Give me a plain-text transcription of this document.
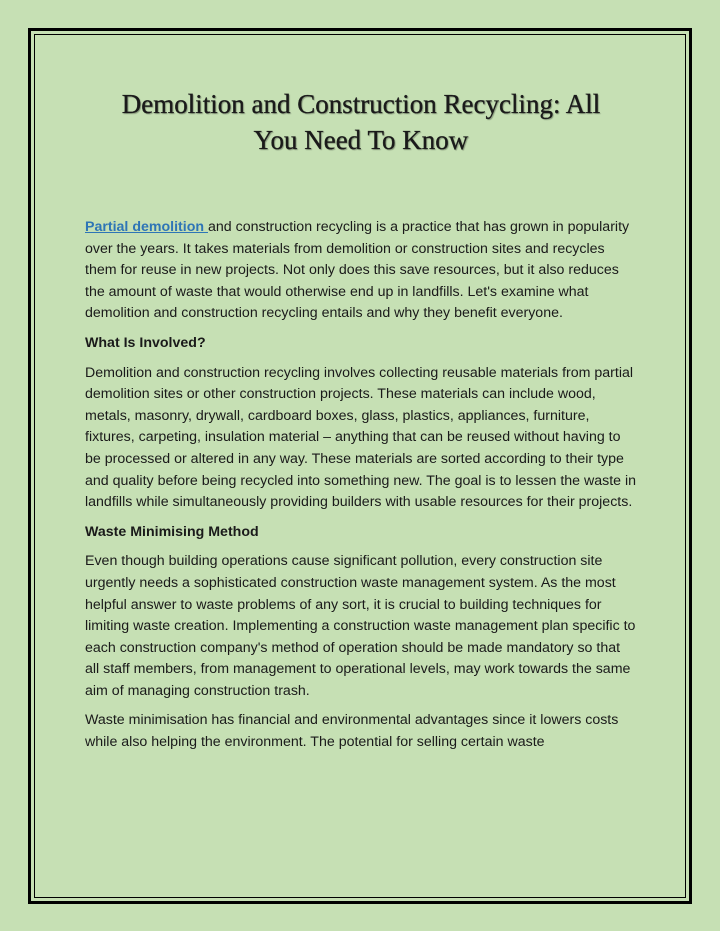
Demolition and Construction Recycling: All
You Need To Know

Partial demolition and construction recycling is a practice that has grown in popularity over the years. It takes materials from demolition or construction sites and recycles them for reuse in new projects. Not only does this save resources, but it also reduces the amount of waste that would otherwise end up in landfills. Let's examine what demolition and construction recycling entails and why they benefit everyone.

What Is Involved?

Demolition and construction recycling involves collecting reusable materials from partial demolition sites or other construction projects. These materials can include wood, metals, masonry, drywall, cardboard boxes, glass, plastics, appliances, furniture, fixtures, carpeting, insulation material – anything that can be reused without having to be processed or altered in any way. These materials are sorted according to their type and quality before being recycled into something new. The goal is to lessen the waste in landfills while simultaneously providing builders with usable resources for their projects.

Waste Minimising Method

Even though building operations cause significant pollution, every construction site urgently needs a sophisticated construction waste management system. As the most helpful answer to waste problems of any sort, it is crucial to building techniques for limiting waste creation. Implementing a construction waste management plan specific to each construction company's method of operation should be made mandatory so that all staff members, from management to operational levels, may work towards the same aim of managing construction trash.

Waste minimisation has financial and environmental advantages since it lowers costs while also helping the environment. The potential for selling certain waste
